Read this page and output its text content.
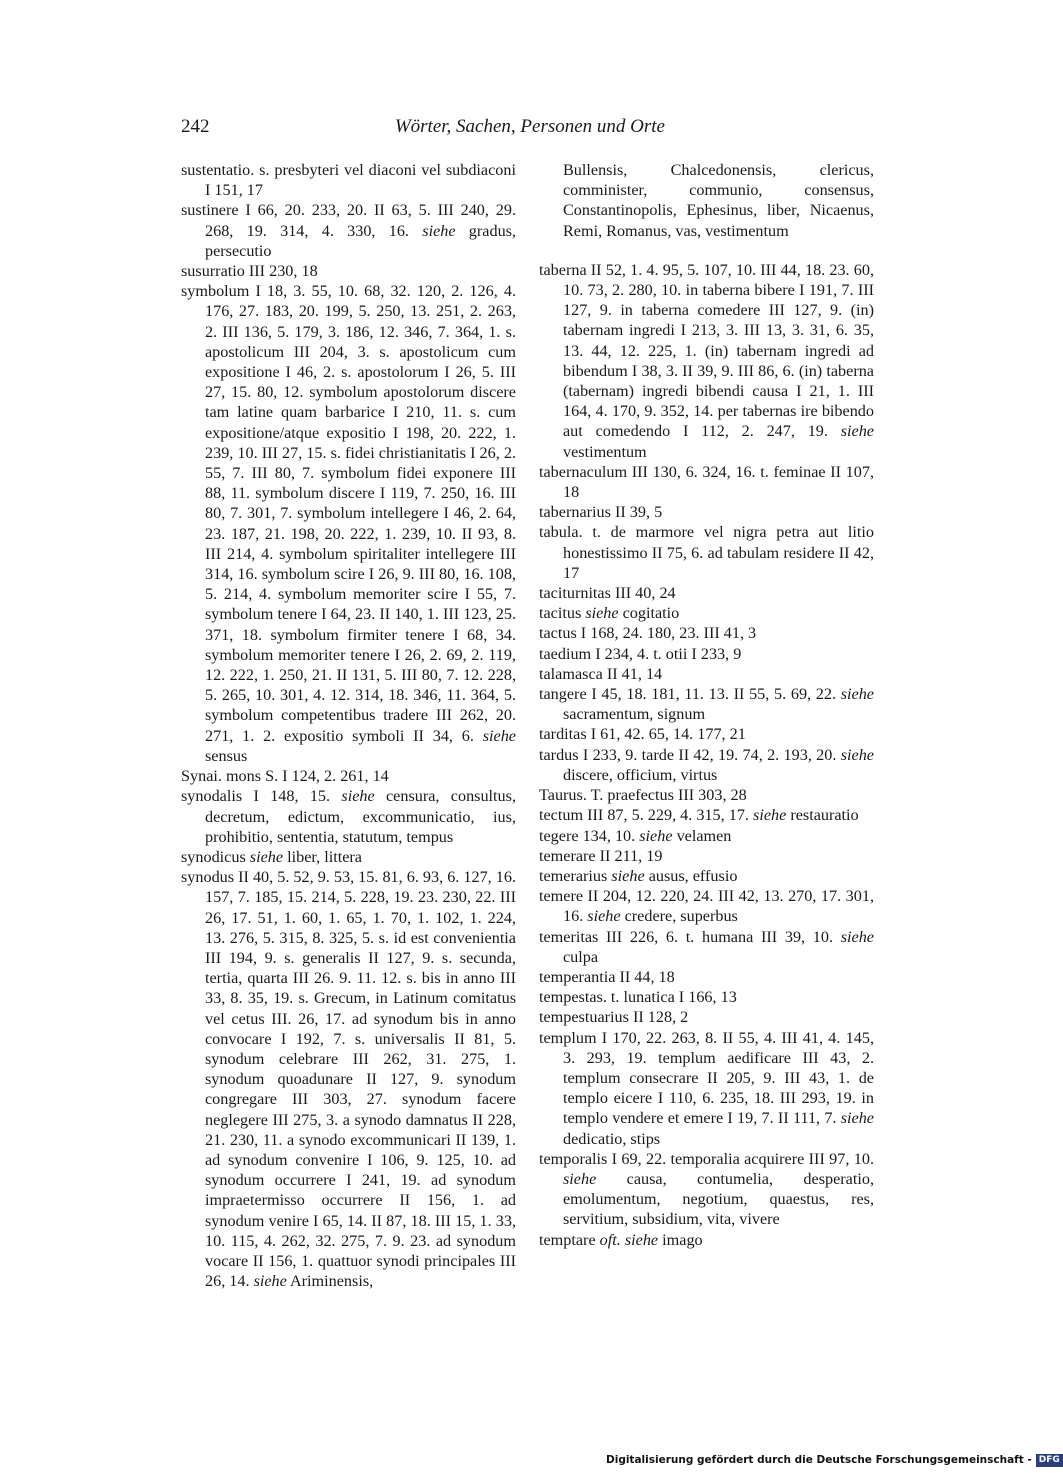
242	Wörter, Sachen, Personen und Orte

sustentatio. s. presbyteri vel diaconi vel subdiaconi I 151, 17

sustinere I 66, 20. 233, 20. II 63, 5. III 240, 29. 268, 19. 314, 4. 330, 16. siehe gradus, persecutio

susurratio III 230, 18

symbolum I 18, 3. 55, 10. 68, 32. 120, 2. 126, 4. 176, 27. 183, 20. 199, 5. 250, 13. 251, 2. 263, 2. III 136, 5. 179, 3. 186, 12. 346, 7. 364, 1. s. apostolicum III 204, 3. s. apostolicum cum expositione I 46, 2. s. apostolorum I 26, 5. III 27, 15. 80, 12. symbolum apostolorum discere tam latine quam barbarice I 210, 11. s. cum expositione/atque expositio I 198, 20. 222, 1. 239, 10. III 27, 15. s. fidei christianitatis I 26, 2. 55, 7. III 80, 7. symbolum fidei exponere III 88, 11. symbolum discere I 119, 7. 250, 16. III 80, 7. 301, 7. symbolum intellegere I 46, 2. 64, 23. 187, 21. 198, 20. 222, 1. 239, 10. II 93, 8. III 214, 4. symbolum spiritaliter intellegere III 314, 16. symbolum scire I 26, 9. III 80, 16. 108, 5. 214, 4. symbolum memoriter scire I 55, 7. symbolum tenere I 64, 23. II 140, 1. III 123, 25. 371, 18. symbolum firmiter tenere I 68, 34. symbolum memoriter tenere I 26, 2. 69, 2. 119, 12. 222, 1. 250, 21. II 131, 5. III 80, 7. 12. 228, 5. 265, 10. 301, 4. 12. 314, 18. 346, 11. 364, 5. symbolum competentibus tradere III 262, 20. 271, 1. 2. expositio symboli II 34, 6. siehe sensus

Synai. mons S. I 124, 2. 261, 14

synodalis I 148, 15. siehe censura, consultus, decretum, edictum, excommunicatio, ius, prohibitio, sententia, statutum, tempus

synodicus siehe liber, littera

synodus II 40, 5. 52, 9. 53, 15. 81, 6. 93, 6. 127, 16. 157, 7. 185, 15. 214, 5. 228, 19. 23. 230, 22. III 26, 17. 51, 1. 60, 1. 65, 1. 70, 1. 102, 1. 224, 13. 276, 5. 315, 8. 325, 5. s. id est convenientia III 194, 9. s. generalis II 127, 9. s. secunda, tertia, quarta III 26. 9. 11. 12. s. bis in anno III 33, 8. 35, 19. s. Grecum, in Latinum comitatus vel cetus III. 26, 17. ad synodum bis in anno convocare I 192, 7. s. universalis II 81, 5. synodum celebrare III 262, 31. 275, 1. synodum quoadunare II 127, 9. synodum congregare III 303, 27. synodum facere neglegere III 275, 3. a synodo damnatus II 228, 21. 230, 11. a synodo excommunicari II 139, 1. ad synodum convenire I 106, 9. 125, 10. ad synodum occurrere I 241, 19. ad synodum impraetermisso occurrere II 156, 1. ad synodum venire I 65, 14. II 87, 18. III 15, 1. 33, 10. 115, 4. 262, 32. 275, 7. 9. 23. ad synodum vocare II 156, 1. quattuor synodi principales III 26, 14. siehe Ariminensis,

Bullensis, Chalcedonensis, clericus, comminister, communio, consensus, Constantinopolis, Ephesinus, liber, Nicaenus, Remi, Romanus, vas, vestimentum

taberna II 52, 1. 4. 95, 5. 107, 10. III 44, 18. 23. 60, 10. 73, 2. 280, 10. in taberna bibere I 191, 7. III 127, 9. in taberna comedere III 127, 9. (in) tabernam ingredi I 213, 3. III 13, 3. 31, 6. 35, 13. 44, 12. 225, 1. (in) tabernam ingredi ad bibendum I 38, 3. II 39, 9. III 86, 6. (in) taberna (tabernam) ingredi bibendi causa I 21, 1. III 164, 4. 170, 9. 352, 14. per tabernas ire bibendo aut comedendo I 112, 2. 247, 19. siehe vestimentum

tabernaculum III 130, 6. 324, 16. t. feminae II 107, 18

tabernarius II 39, 5

tabula. t. de marmore vel nigra petra aut litio honestissimo II 75, 6. ad tabulam residere II 42, 17

taciturnitas III 40, 24

tacitus siehe cogitatio

tactus I 168, 24. 180, 23. III 41, 3

taedium I 234, 4. t. otii I 233, 9

talamasca II 41, 14

tangere I 45, 18. 181, 11. 13. II 55, 5. 69, 22. siehe sacramentum, signum

tarditas I 61, 42. 65, 14. 177, 21

tardus I 233, 9. tarde II 42, 19. 74, 2. 193, 20. siehe discere, officium, virtus

Taurus. T. praefectus III 303, 28

tectum III 87, 5. 229, 4. 315, 17. siehe restauratio

tegere 134, 10. siehe velamen

temerare II 211, 19

temerarius siehe ausus, effusio

temere II 204, 12. 220, 24. III 42, 13. 270, 17. 301, 16. siehe credere, superbus

temeritas III 226, 6. t. humana III 39, 10. siehe culpa

temperantia II 44, 18

tempestas. t. lunatica I 166, 13

tempestuarius II 128, 2

templum I 170, 22. 263, 8. II 55, 4. III 41, 4. 145, 3. 293, 19. templum aedificare III 43, 2. templum consecrare II 205, 9. III 43, 1. de templo eicere I 110, 6. 235, 18. III 293, 19. in templo vendere et emere I 19, 7. II 111, 7. siehe dedicatio, stips

temporalis I 69, 22. temporalia acquirere III 97, 10. siehe causa, contumelia, desperatio, emolumentum, negotium, quaestus, res, servitium, subsidium, vita, vivere

temptare oft. siehe imago

Digitalisierung gefördert durch die Deutsche Forschungsgemeinschaft - DFG
